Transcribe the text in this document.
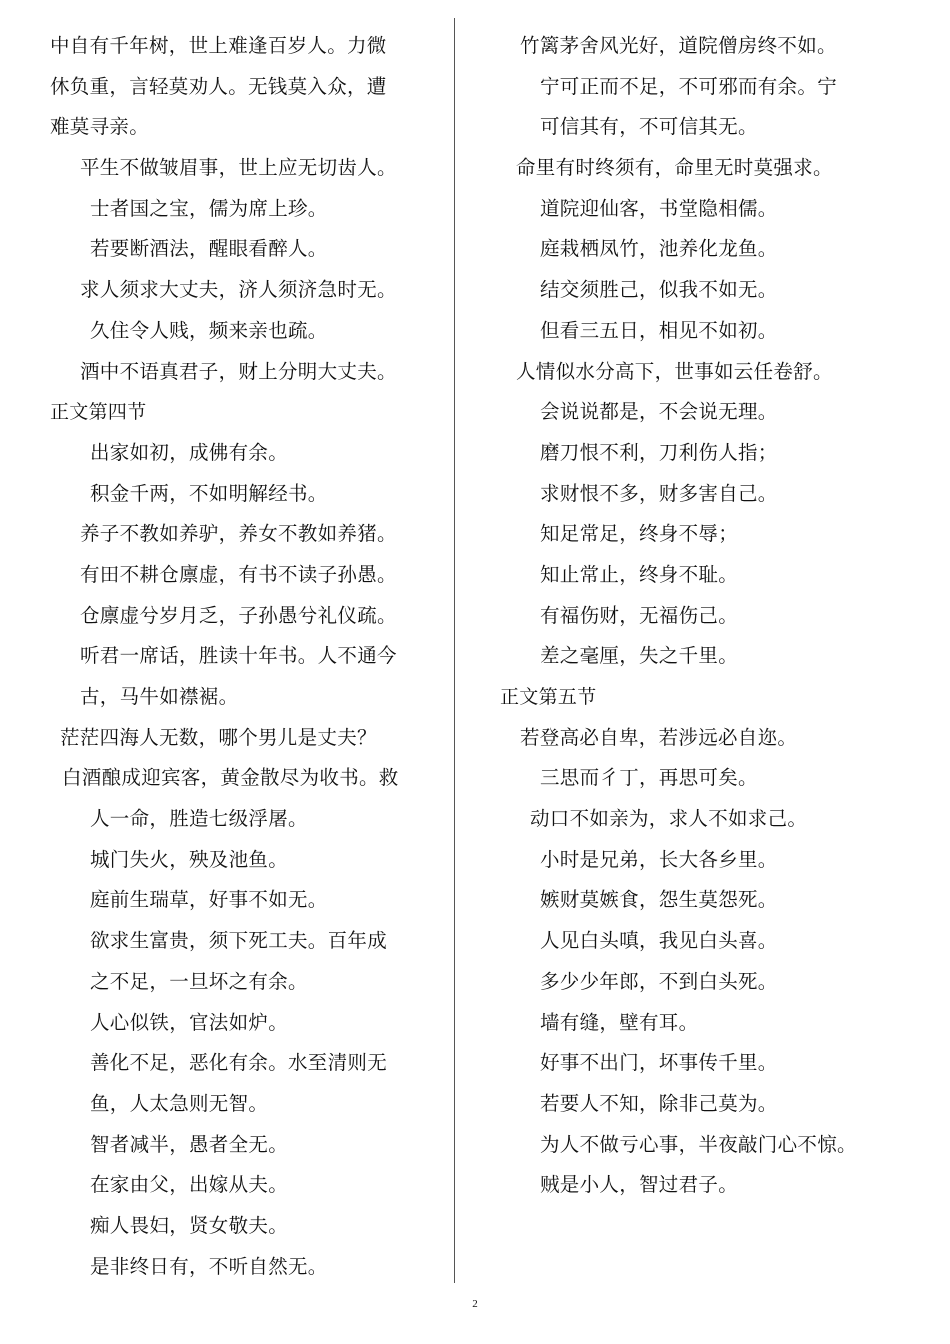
中自有千年树，世上难逢百岁人。力微
休负重，言轻莫劝人。无钱莫入众，遭
难莫寻亲。
平生不做皱眉事，世上应无切齿人。
士者国之宝，儒为席上珍。
若要断酒法，醒眼看醉人。
求人须求大丈夫，济人须济急时无。
久住令人贱，频来亲也疏。
酒中不语真君子，财上分明大丈夫。
正文第四节
出家如初，成佛有余。
积金千两，不如明解经书。
养子不教如养驴，养女不教如养猪。
有田不耕仓廪虚，有书不读子孙愚。
仓廪虚兮岁月乏，子孙愚兮礼仪疏。
听君一席话，胜读十年书。人不通今
古，马牛如襟裾。
茫茫四海人无数，哪个男儿是丈夫？
白酒酿成迎宾客，黄金散尽为收书。救
人一命，胜造七级浮屠。
城门失火，殃及池鱼。
庭前生瑞草，好事不如无。
欲求生富贵，须下死工夫。百年成
之不足，一旦坏之有余。
人心似铁，官法如炉。
善化不足，恶化有余。水至清则无
鱼，人太急则无智。
智者减半，愚者全无。
在家由父，出嫁从夫。
痴人畏妇，贤女敬夫。
是非终日有，不听自然无。
竹篱茅舍风光好，道院僧房终不如。
宁可正而不足，不可邪而有余。宁
可信其有，不可信其无。
命里有时终须有，命里无时莫强求。
道院迎仙客，书堂隐相儒。
庭栽栖凤竹，池养化龙鱼。
结交须胜己，似我不如无。
但看三五日，相见不如初。
人情似水分高下，世事如云任卷舒。
会说说都是，不会说无理。
磨刀恨不利，刀利伤人指；
求财恨不多，财多害自己。
知足常足，终身不辱；
知止常止，终身不耻。
有福伤财，无福伤己。
差之毫厘，失之千里。
正文第五节
若登高必自卑，若涉远必自迩。
三思而彳丁，再思可矣。
动口不如亲为，求人不如求己。
小时是兄弟，长大各乡里。
嫉财莫嫉食，怨生莫怨死。
人见白头嗔，我见白头喜。
多少少年郎，不到白头死。
墙有缝，壁有耳。
好事不出门，坏事传千里。
若要人不知，除非己莫为。
为人不做亏心事，半夜敲门心不惊。
贼是小人，智过君子。
2
